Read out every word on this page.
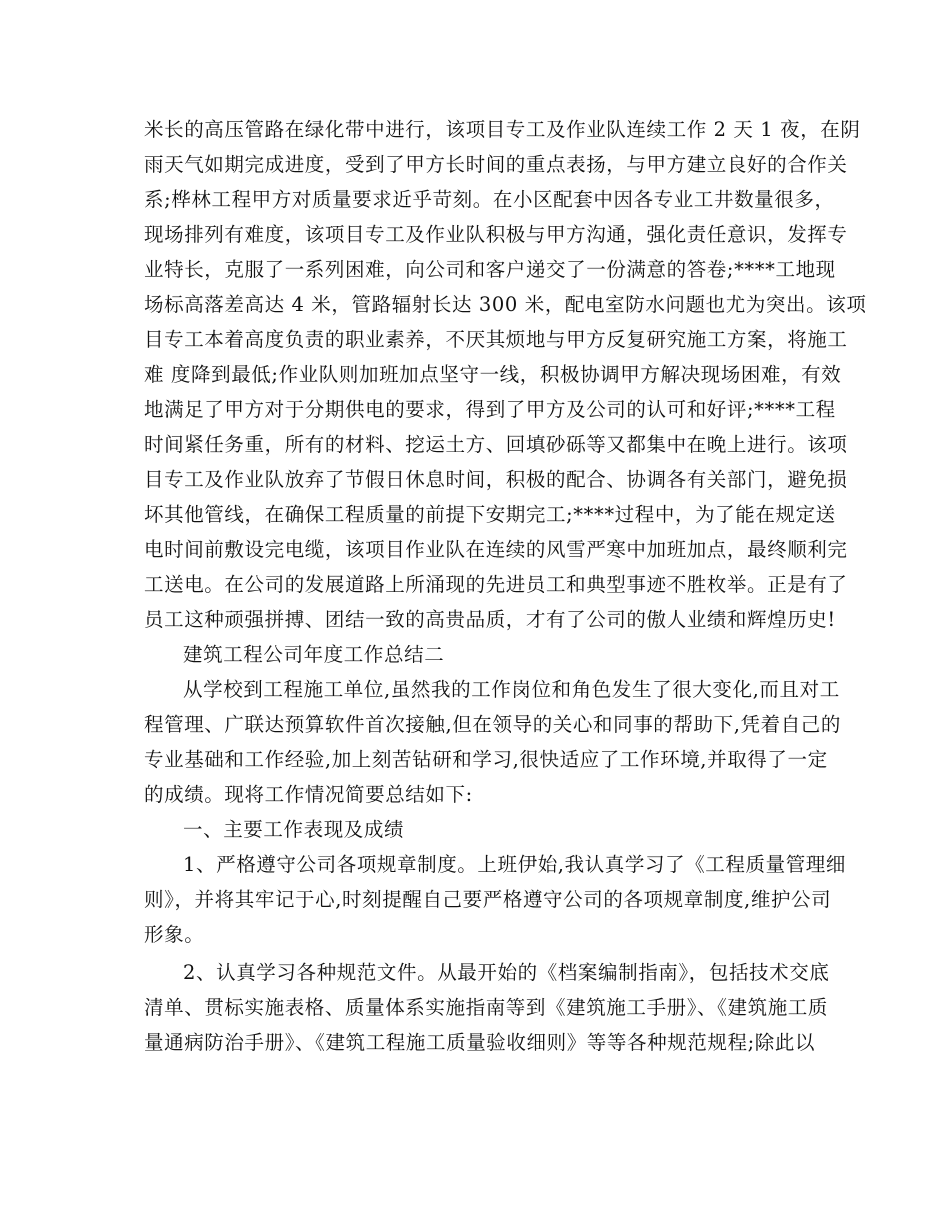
米长的高压管路在绿化带中进行，该项目专工及作业队连续工作 2 天 1 夜，在阴
雨天气如期完成进度，受到了甲方长时间的重点表扬，与甲方建立良好的合作关
系;桦林工程甲方对质量要求近乎苛刻。在小区配套中因各专业工井数量很多，
现场排列有难度，该项目专工及作业队积极与甲方沟通，强化责任意识，发挥专
业特长，克服了一系列困难，向公司和客户递交了一份满意的答卷;****工地现
场标高落差高达 4 米，管路辐射长达 300 米，配电室防水问题也尤为突出。该项
目专工本着高度负责的职业素养，不厌其烦地与甲方反复研究施工方案，将施工
难 度降到最低;作业队则加班加点坚守一线，积极协调甲方解决现场困难，有效
地满足了甲方对于分期供电的要求，得到了甲方及公司的认可和好评;****工程
时间紧任务重，所有的材料、挖运土方、回填砂砾等又都集中在晚上进行。该项
目专工及作业队放弃了节假日休息时间，积极的配合、协调各有关部门，避免损
坏其他管线，在确保工程质量的前提下安期完工;****过程中，为了能在规定送
电时间前敷设完电缆，该项目作业队在连续的风雪严寒中加班加点，最终顺利完
工送电。在公司的发展道路上所涌现的先进员工和典型事迹不胜枚举。正是有了
员工这种顽强拼搏、团结一致的高贵品质，才有了公司的傲人业绩和辉煌历史!
建筑工程公司年度工作总结二
从学校到工程施工单位,虽然我的工作岗位和角色发生了很大变化,而且对工
程管理、广联达预算软件首次接触,但在领导的关心和同事的帮助下,凭着自己的
专业基础和工作经验,加上刻苦钻研和学习,很快适应了工作环境,并取得了一定
的成绩。现将工作情况简要总结如下:
一、主要工作表现及成绩
1、严格遵守公司各项规章制度。上班伊始,我认真学习了《工程质量管理细
则》，并将其牢记于心,时刻提醒自己要严格遵守公司的各项规章制度,维护公司
形象。
2、认真学习各种规范文件。从最开始的《档案编制指南》，包括技术交底
清单、贯标实施表格、质量体系实施指南等到《建筑施工手册》、《建筑施工质
量通病防治手册》、《建筑工程施工质量验收细则》等等各种规范规程;除此以
